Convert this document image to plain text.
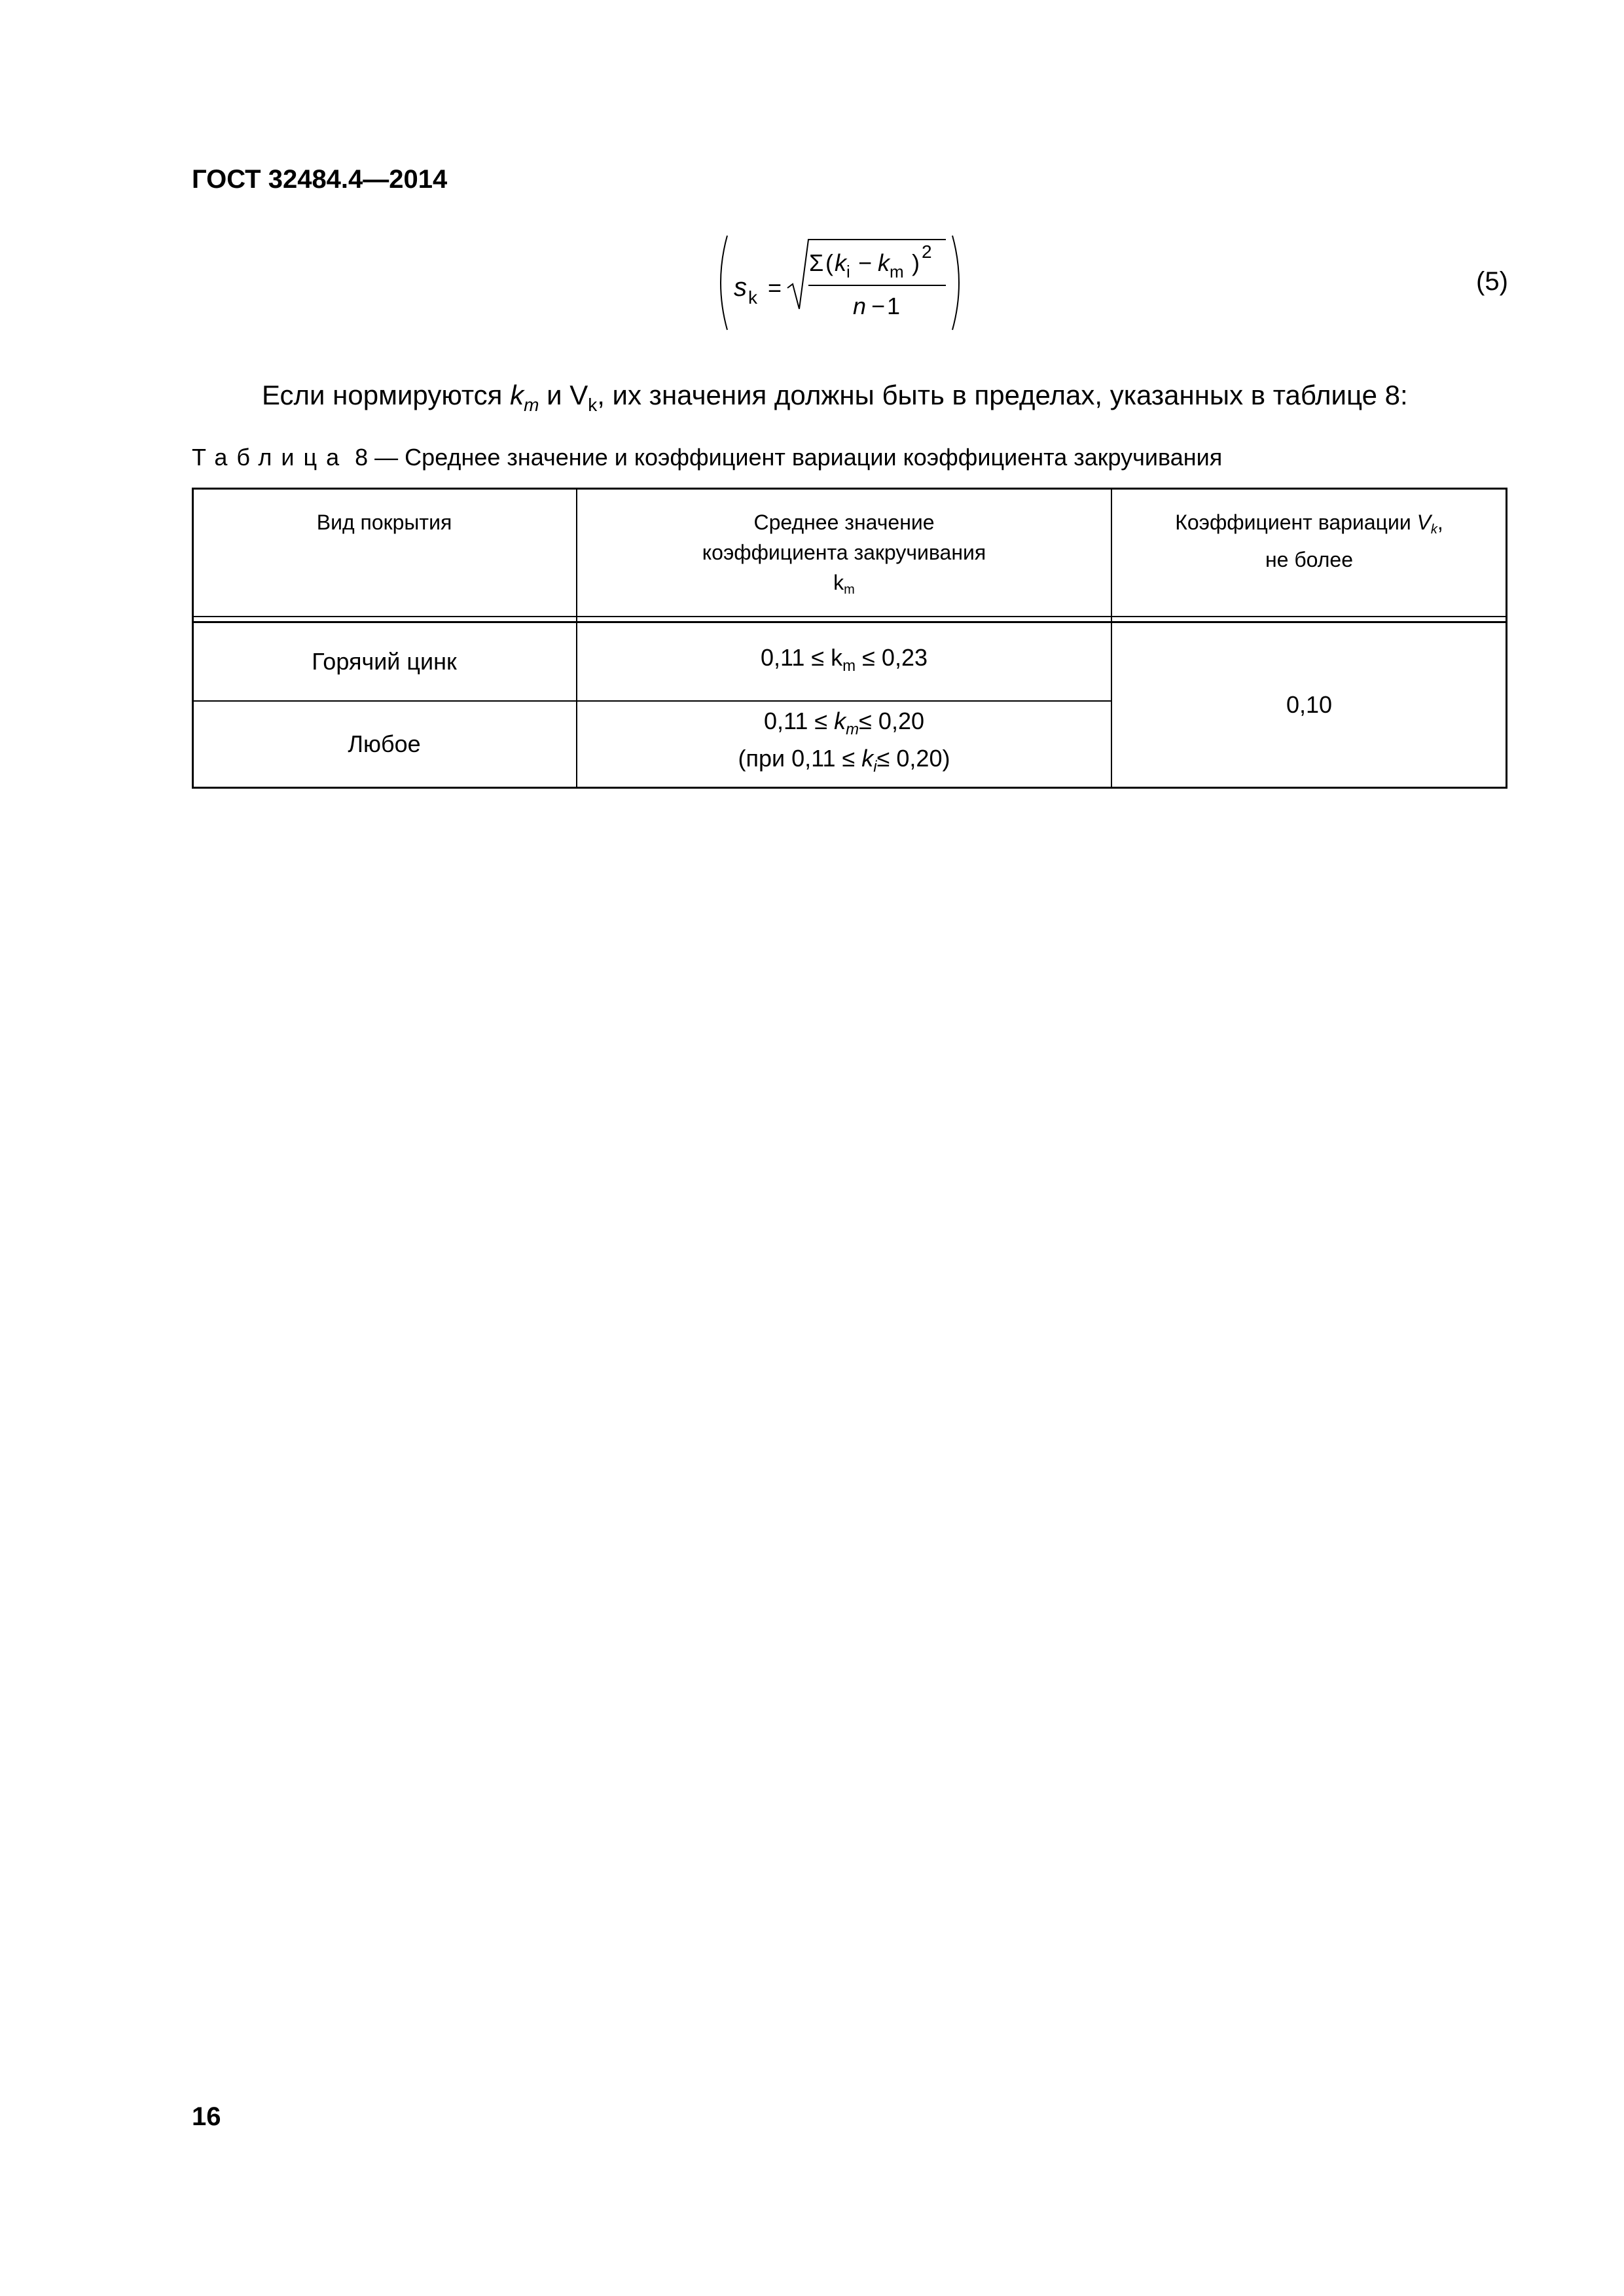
ГОСТ 32484.4—2014
s k =
Σ ( k i − k m ) 2
n − 1
(5)
Если нормируются $k_m$ и $V_k$, их значения должны быть в пределах, указанных в таблице 8:
Таблица 8 — Среднее значение и коэффициент вариации коэффициента закручивания
Вид покрытия	Среднее значение
коэффициента закручивания
$k_m$
Коэффициент вариации $V_k$,
не более
Горячий цинк	$0,11 \le k_m \le 0,23$
Любое
$0,11 \le k_m\le 0,20$
(при $0,11 \le k_i\le 0,20$)
0,10
16
